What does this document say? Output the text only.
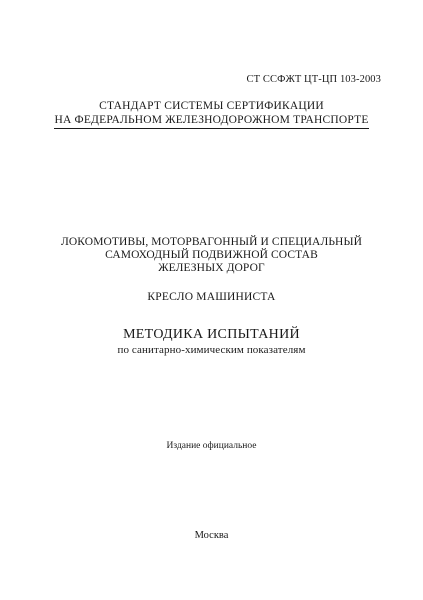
СТ ССФЖТ ЦТ-ЦП 103-2003
СТАНДАРТ СИСТЕМЫ СЕРТИФИКАЦИИ
НА ФЕДЕРАЛЬНОМ ЖЕЛЕЗНОДОРОЖНОМ ТРАНСПОРТЕ
ЛОКОМОТИВЫ, МОТОРВАГОННЫЙ И СПЕЦИАЛЬНЫЙ
САМОХОДНЫЙ ПОДВИЖНОЙ СОСТАВ
ЖЕЛЕЗНЫХ ДОРОГ
КРЕСЛО МАШИНИСТА
МЕТОДИКА ИСПЫТАНИЙ
по санитарно-химическим показателям
Издание официальное
Москва
